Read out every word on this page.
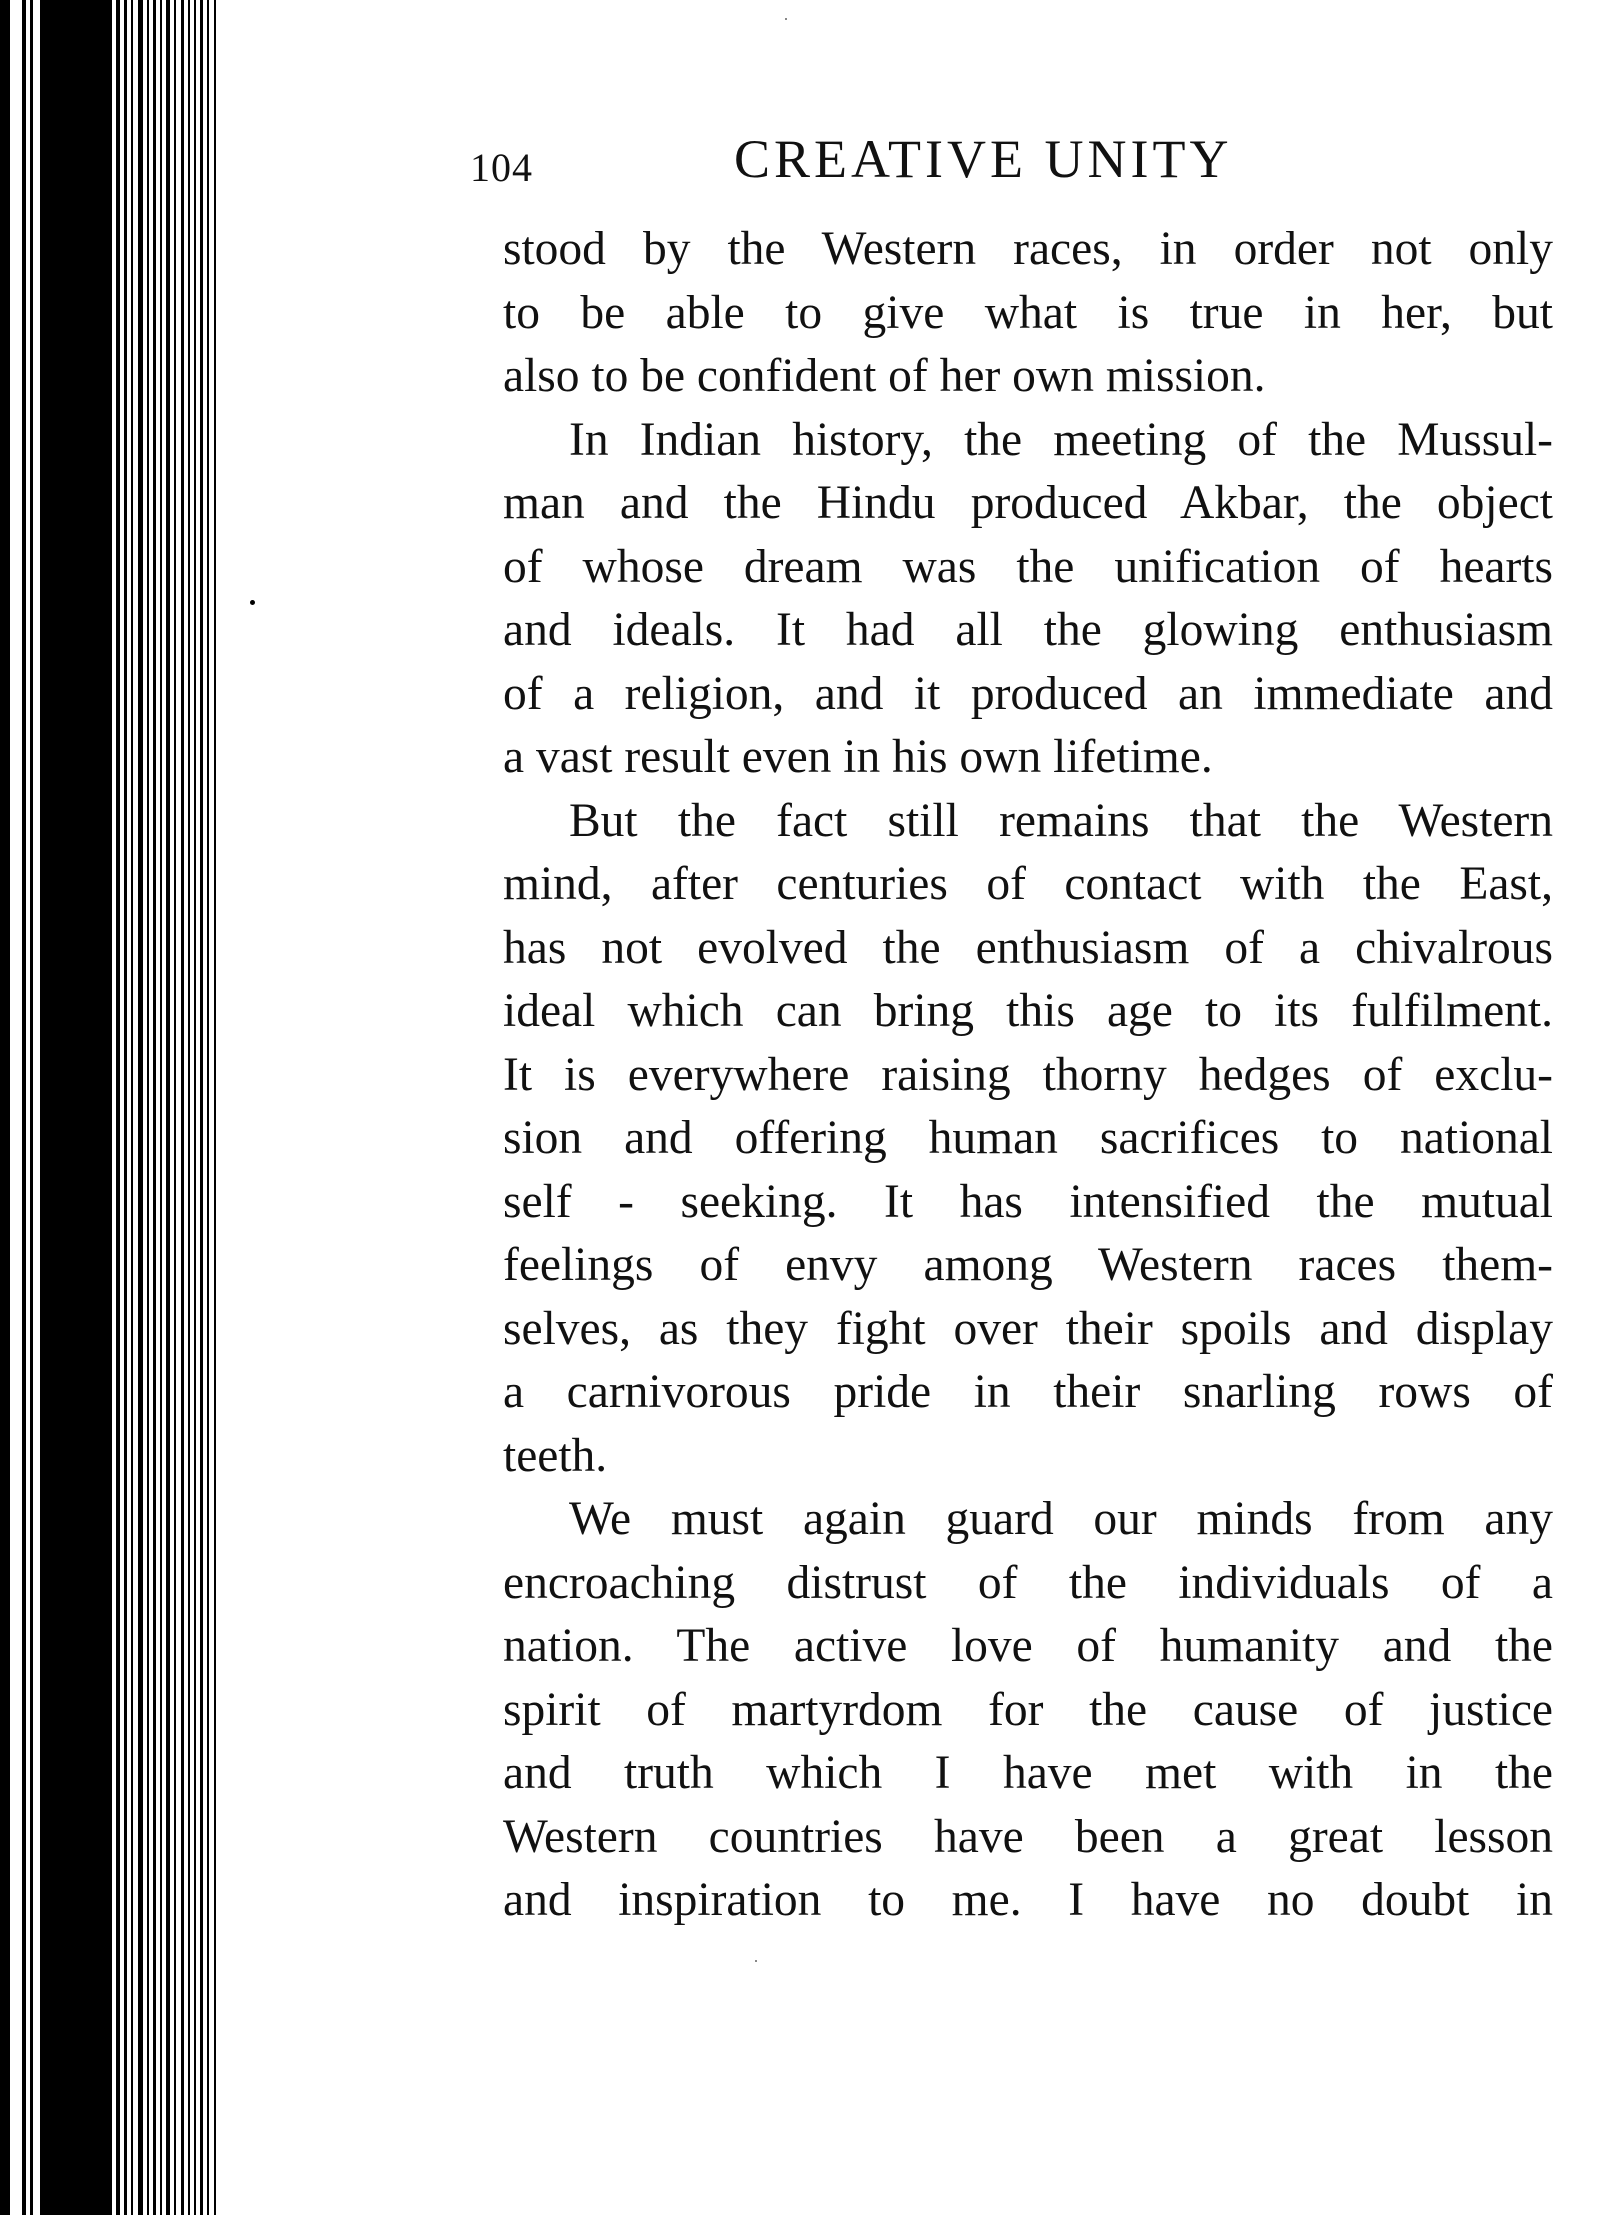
104	CREATIVE UNITY
stood by the Western races, in order not only
to be able to give what is true in her, but
also to be confident of her own mission.
In Indian history, the meeting of the Mussul-
man and the Hindu produced Akbar, the object
of whose dream was the unification of hearts
and ideals. It had all the glowing enthusiasm
of a religion, and it produced an immediate and
a vast result even in his own lifetime.
But the fact still remains that the Western
mind, after centuries of contact with the East,
has not evolved the enthusiasm of a chivalrous
ideal which can bring this age to its fulfilment.
It is everywhere raising thorny hedges of exclu-
sion and offering human sacrifices to national
self - seeking. It has intensified the mutual
feelings of envy among Western races them-
selves, as they fight over their spoils and display
a carnivorous pride in their snarling rows of
teeth.
We must again guard our minds from any
encroaching distrust of the individuals of a
nation. The active love of humanity and the
spirit of martyrdom for the cause of justice
and truth which I have met with in the
Western countries have been a great lesson
and inspiration to me. I have no doubt in
